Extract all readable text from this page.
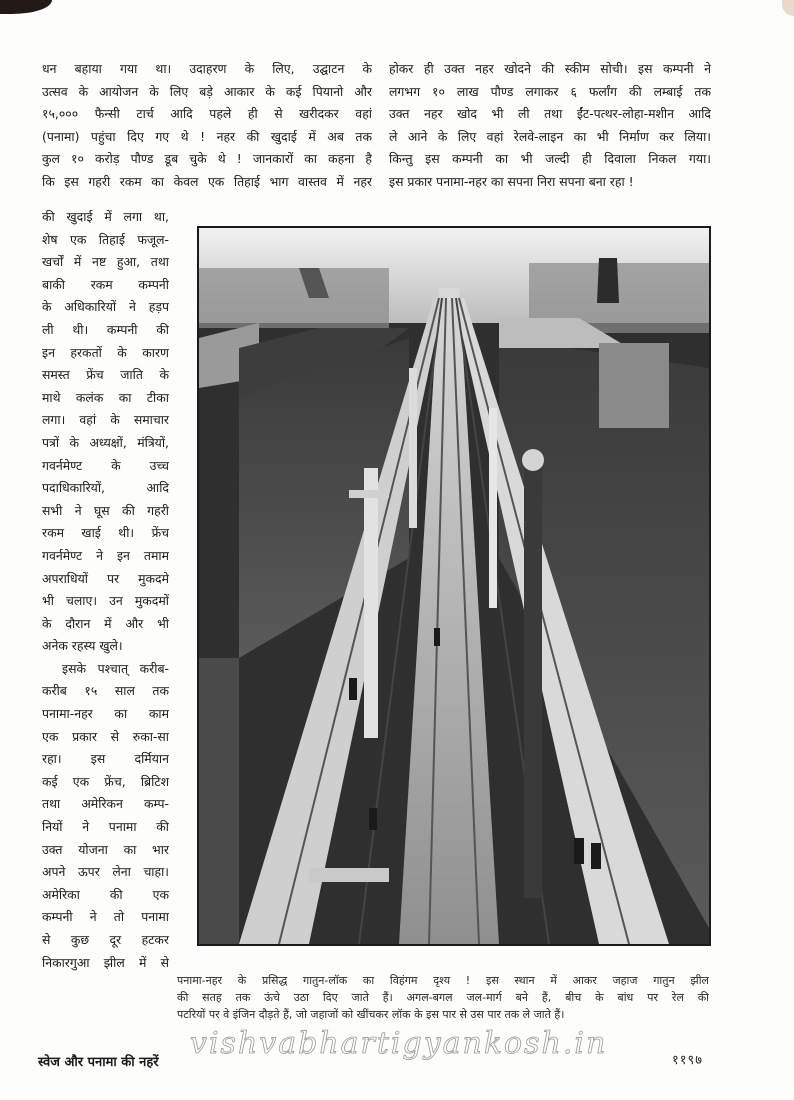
धन बहाया गया था। उदाहरण के लिए, उद्घाटन के
उत्सव के आयोजन के लिए बड़े आकार के कई पियानो और
१५,००० फैन्सी टार्च आदि पहले ही से खरीदकर वहां
(पनामा) पहुंचा दिए गए थे ! नहर की खुदाई में अब तक
कुल १० करोड़ पौण्ड डूब चुके थे ! जानकारों का कहना है
कि इस गहरी रकम का केवल एक तिहाई भाग वास्तव में नहर
होकर ही उक्त नहर खोदने की स्कीम सोची। इस कम्पनी ने
लगभग १० लाख पौण्ड लगाकर ६ फर्लांग की लम्बाई तक
उक्त नहर खोद भी ली तथा ईंट-पत्थर-लोहा-मशीन आदि
ले आने के लिए वहां रेलवे-लाइन का भी निर्माण कर लिया।
किन्तु इस कम्पनी का भी जल्दी ही दिवाला निकल गया।
इस प्रकार पनामा-नहर का सपना निरा सपना बना रहा !
की खुदाई में लगा था,
शेष एक तिहाई फजूल-
खर्चों में नष्ट हुआ, तथा
बाकी रकम कम्पनी
के अधिकारियों ने हड़प
ली थी। कम्पनी की
इन हरकतों के कारण
समस्त फ्रेंच जाति के
माथे कलंक का टीका
लगा। वहां के समाचार
पत्रों के अध्यक्षों, मंत्रियों,
गवर्नमेण्ट के उच्च
पदाधिकारियों, आदि
सभी ने घूस की गहरी
रकम खाई थी। फ्रेंच
गवर्नमेण्ट ने इन तमाम
अपराधियों पर मुकदमे
भी चलाए। उन मुकदमों
के दौरान में और भी
अनेक रहस्य खुले।
इसके पश्चात् करीब-
करीब १५ साल तक
पनामा-नहर का काम
एक प्रकार से रुका-सा
रहा। इस दर्मियान
कई एक फ्रेंच, ब्रिटिश
तथा अमेरिकन कम्प-
नियों ने पनामा की
उक्त योजना का भार
अपने ऊपर लेना चाहा।
अमेरिका की एक
कम्पनी ने तो पनामा
से कुछ दूर हटकर
निकारगुआ झील में से
पनामा-नहर के प्रसिद्ध गातुन-लॉक का विहंगम दृश्य ! इस स्थान में आकर जहाज गातुन झील
की सतह तक ऊंचे उठा दिए जाते हैं। अगल-बगल जल-मार्ग बने हैं, बीच के बांध पर रेल की
पटरियों पर वे इंजिन दौड़ते हैं, जो जहाजों को खींचकर लॉक के इस पार से उस पार तक ले जाते हैं।
vishvabhartigyankosh.in
स्वेज और पनामा की नहरें	११९७
